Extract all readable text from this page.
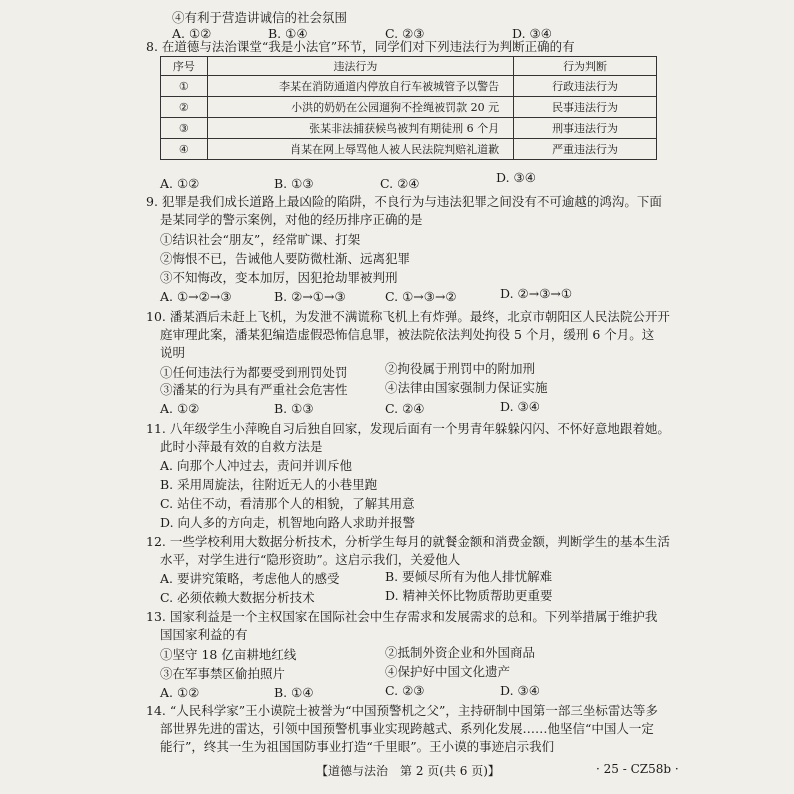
④有利于营造讲诚信的社会氛围
A. ①②	B. ①④	C. ②③	D. ③④
8. 在道德与法治课堂“我是小法官”环节，同学们对下列违法行为判断正确的有
序号	违法行为	行为判断
①	李某在消防通道内停放自行车被城管予以警告	行政违法行为
②	小洪的奶奶在公园遛狗不拴绳被罚款 20 元	民事违法行为
③	张某非法捕获候鸟被判有期徒刑 6 个月	刑事违法行为
④	肖某在网上辱骂他人被人民法院判赔礼道歉	严重违法行为
A. ①②	B. ①③	C. ②④	D. ③④
9. 犯罪是我们成长道路上最凶险的陷阱，不良行为与违法犯罪之间没有不可逾越的鸿沟。下面
是某同学的警示案例，对他的经历排序正确的是
①结识社会“朋友”，经常旷课、打架
②悔恨不已，告诫他人要防微杜渐、远离犯罪
③不知悔改，变本加厉，因犯抢劫罪被判刑
A. ①→②→③	B. ②→①→③	C. ①→③→②	D. ②→③→①
10. 潘某酒后未赶上飞机，为发泄不满谎称飞机上有炸弹。最终，北京市朝阳区人民法院公开开
庭审理此案，潘某犯编造虚假恐怖信息罪，被法院依法判处拘役 5 个月，缓刑 6 个月。这
说明
①任何违法行为都要受到刑罚处罚	②拘役属于刑罚中的附加刑
③潘某的行为具有严重社会危害性	④法律由国家强制力保证实施
A. ①②	B. ①③	C. ②④	D. ③④
11. 八年级学生小萍晚自习后独自回家，发现后面有一个男青年躲躲闪闪、不怀好意地跟着她。
此时小萍最有效的自救方法是
A. 向那个人冲过去，责问并训斥他
B. 采用周旋法，往附近无人的小巷里跑
C. 站住不动，看清那个人的相貌，了解其用意
D. 向人多的方向走，机智地向路人求助并报警
12. 一些学校利用大数据分析技术，分析学生每月的就餐金额和消费金额，判断学生的基本生活
水平，对学生进行“隐形资助”。这启示我们，关爱他人
A. 要讲究策略，考虑他人的感受	B. 要倾尽所有为他人排忧解难
C. 必须依赖大数据分析技术	D. 精神关怀比物质帮助更重要
13. 国家利益是一个主权国家在国际社会中生存需求和发展需求的总和。下列举措属于维护我
国国家利益的有
①坚守 18 亿亩耕地红线	②抵制外资企业和外国商品
③在军事禁区偷拍照片	④保护好中国文化遗产
A. ①②	B. ①④	C. ②③	D. ③④
14. “人民科学家”王小谟院士被誉为“中国预警机之父”，主持研制中国第一部三坐标雷达等多
部世界先进的雷达，引领中国预警机事业实现跨越式、系列化发展……他坚信“中国人一定
能行”，终其一生为祖国国防事业打造“千里眼”。王小谟的事迹启示我们
【道德与法治　第 2 页(共 6 页)】	· 25 - CZ58b ·
